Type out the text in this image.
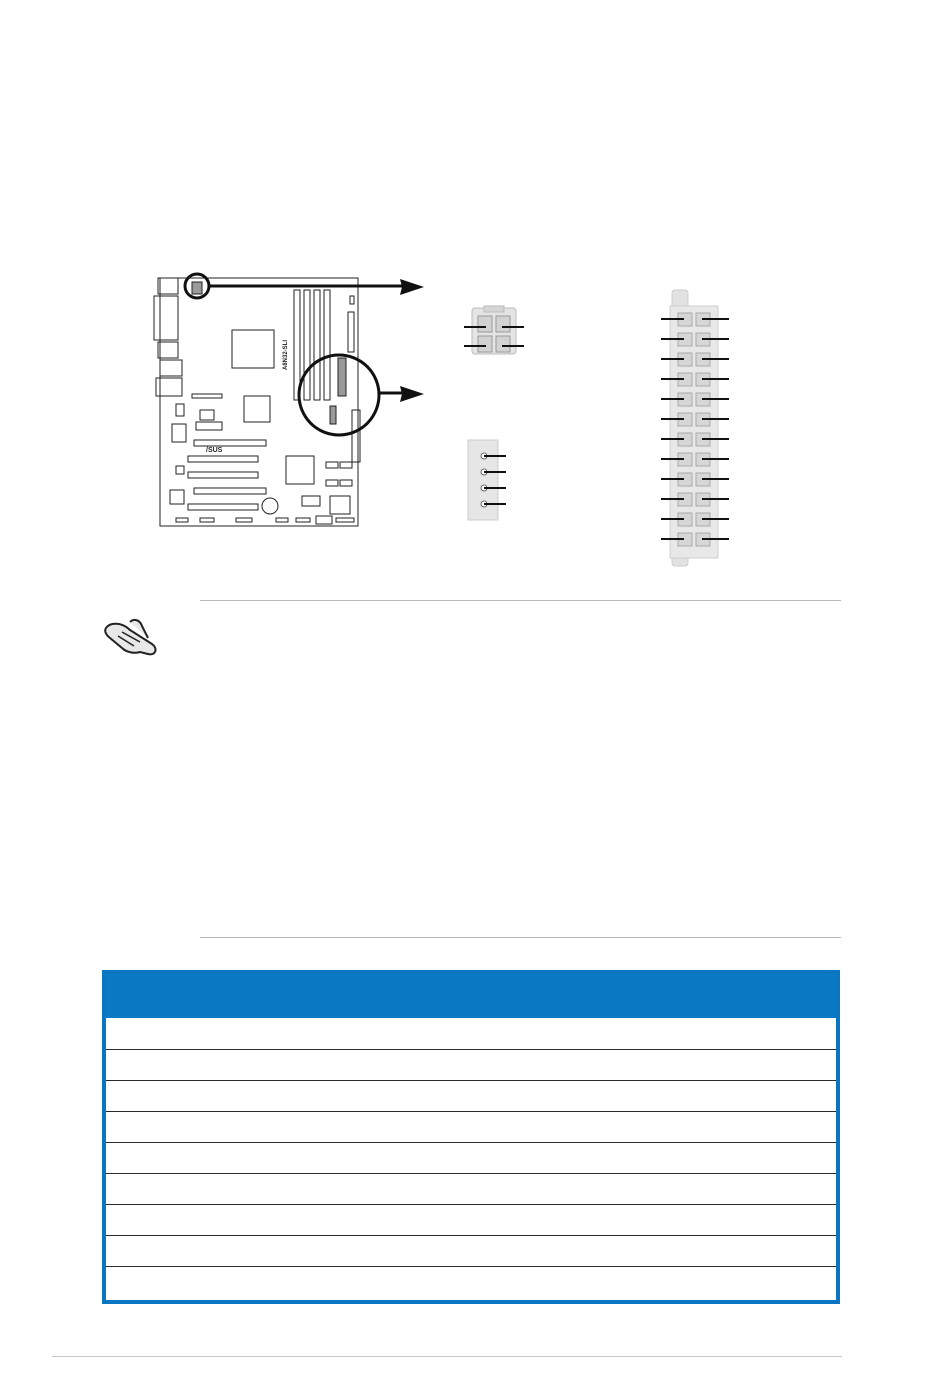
A8N32-SLI
/SUS
